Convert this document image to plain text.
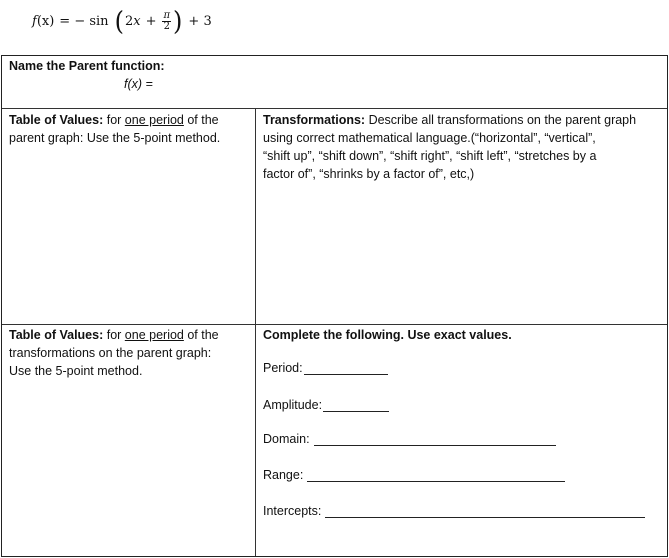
f (x) = − sin ( 2 $x + \frac{\pi}{2}$ ) + 3
Name the Parent function:
f(x) =
Table of Values: for one period of the
parent graph: Use the 5-point method.
Transformations: Describe all transformations on the parent graph
using correct mathematical language.(“horizontal”, “vertical”,
“shift up”, “shift down”, “shift right”, “shift left”, “stretches by a
factor of”, “shrinks by a factor of”, etc,)
Table of Values: for one period of the
transformations on the parent graph:
Use the 5-point method.
Complete the following. Use exact values.
Period:
Amplitude:
Domain:
Range:
Intercepts:
